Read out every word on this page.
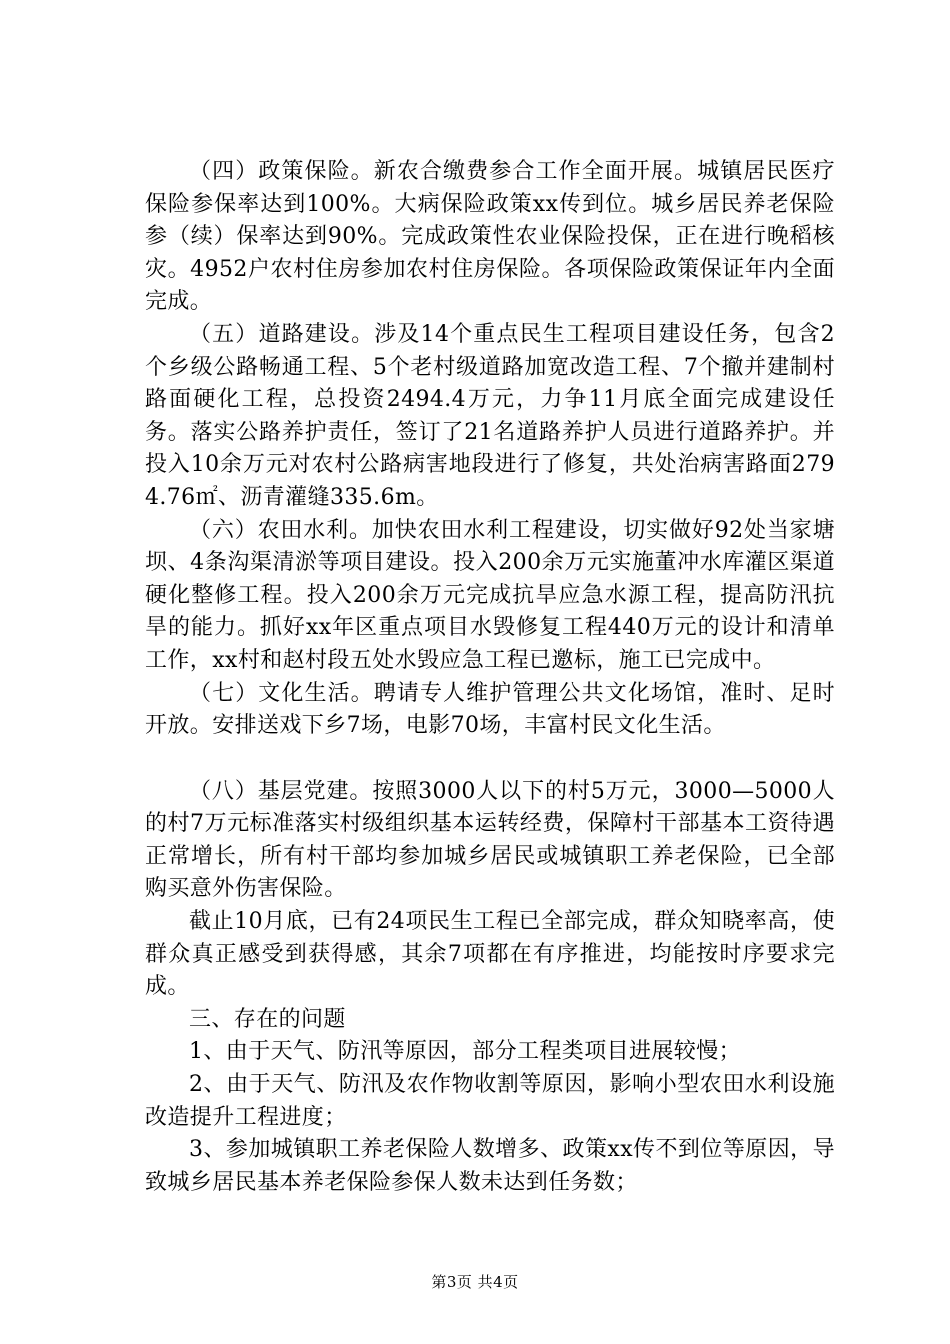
（四）政策保险。新农合缴费参合工作全面开展。城镇居民医疗保险参保率达到100%。大病保险政策xx传到位。城乡居民养老保险参（续）保率达到90%。完成政策性农业保险投保，正在进行晚稻核灾。4952户农村住房参加农村住房保险。各项保险政策保证年内全面完成。

（五）道路建设。涉及14个重点民生工程项目建设任务，包含2个乡级公路畅通工程、5个老村级道路加宽改造工程、7个撤并建制村路面硬化工程，总投资2494.4万元，力争11月底全面完成建设任务。落实公路养护责任，签订了21名道路养护人员进行道路养护。并投入10余万元对农村公路病害地段进行了修复，共处治病害路面2794.76㎡、沥青灌缝335.6m。

（六）农田水利。加快农田水利工程建设，切实做好92处当家塘坝、4条沟渠清淤等项目建设。投入200余万元实施董冲水库灌区渠道硬化整修工程。投入200余万元完成抗旱应急水源工程，提高防汛抗旱的能力。抓好xx年区重点项目水毁修复工程440万元的设计和清单工作，xx村和赵村段五处水毁应急工程已邀标，施工已完成中。

（七）文化生活。聘请专人维护管理公共文化场馆，准时、足时开放。安排送戏下乡7场，电影70场，丰富村民文化生活。

（八）基层党建。按照3000人以下的村5万元，3000—5000人的村7万元标准落实村级组织基本运转经费，保障村干部基本工资待遇正常增长，所有村干部均参加城乡居民或城镇职工养老保险，已全部购买意外伤害保险。

截止10月底，已有24项民生工程已全部完成，群众知晓率高，使群众真正感受到获得感，其余7项都在有序推进，均能按时序要求完成。

三、存在的问题

1、由于天气、防汛等原因，部分工程类项目进展较慢；

2、由于天气、防汛及农作物收割等原因，影响小型农田水利设施改造提升工程进度；

3、参加城镇职工养老保险人数增多、政策xx传不到位等原因，导致城乡居民基本养老保险参保人数未达到任务数；

第3页 共4页
